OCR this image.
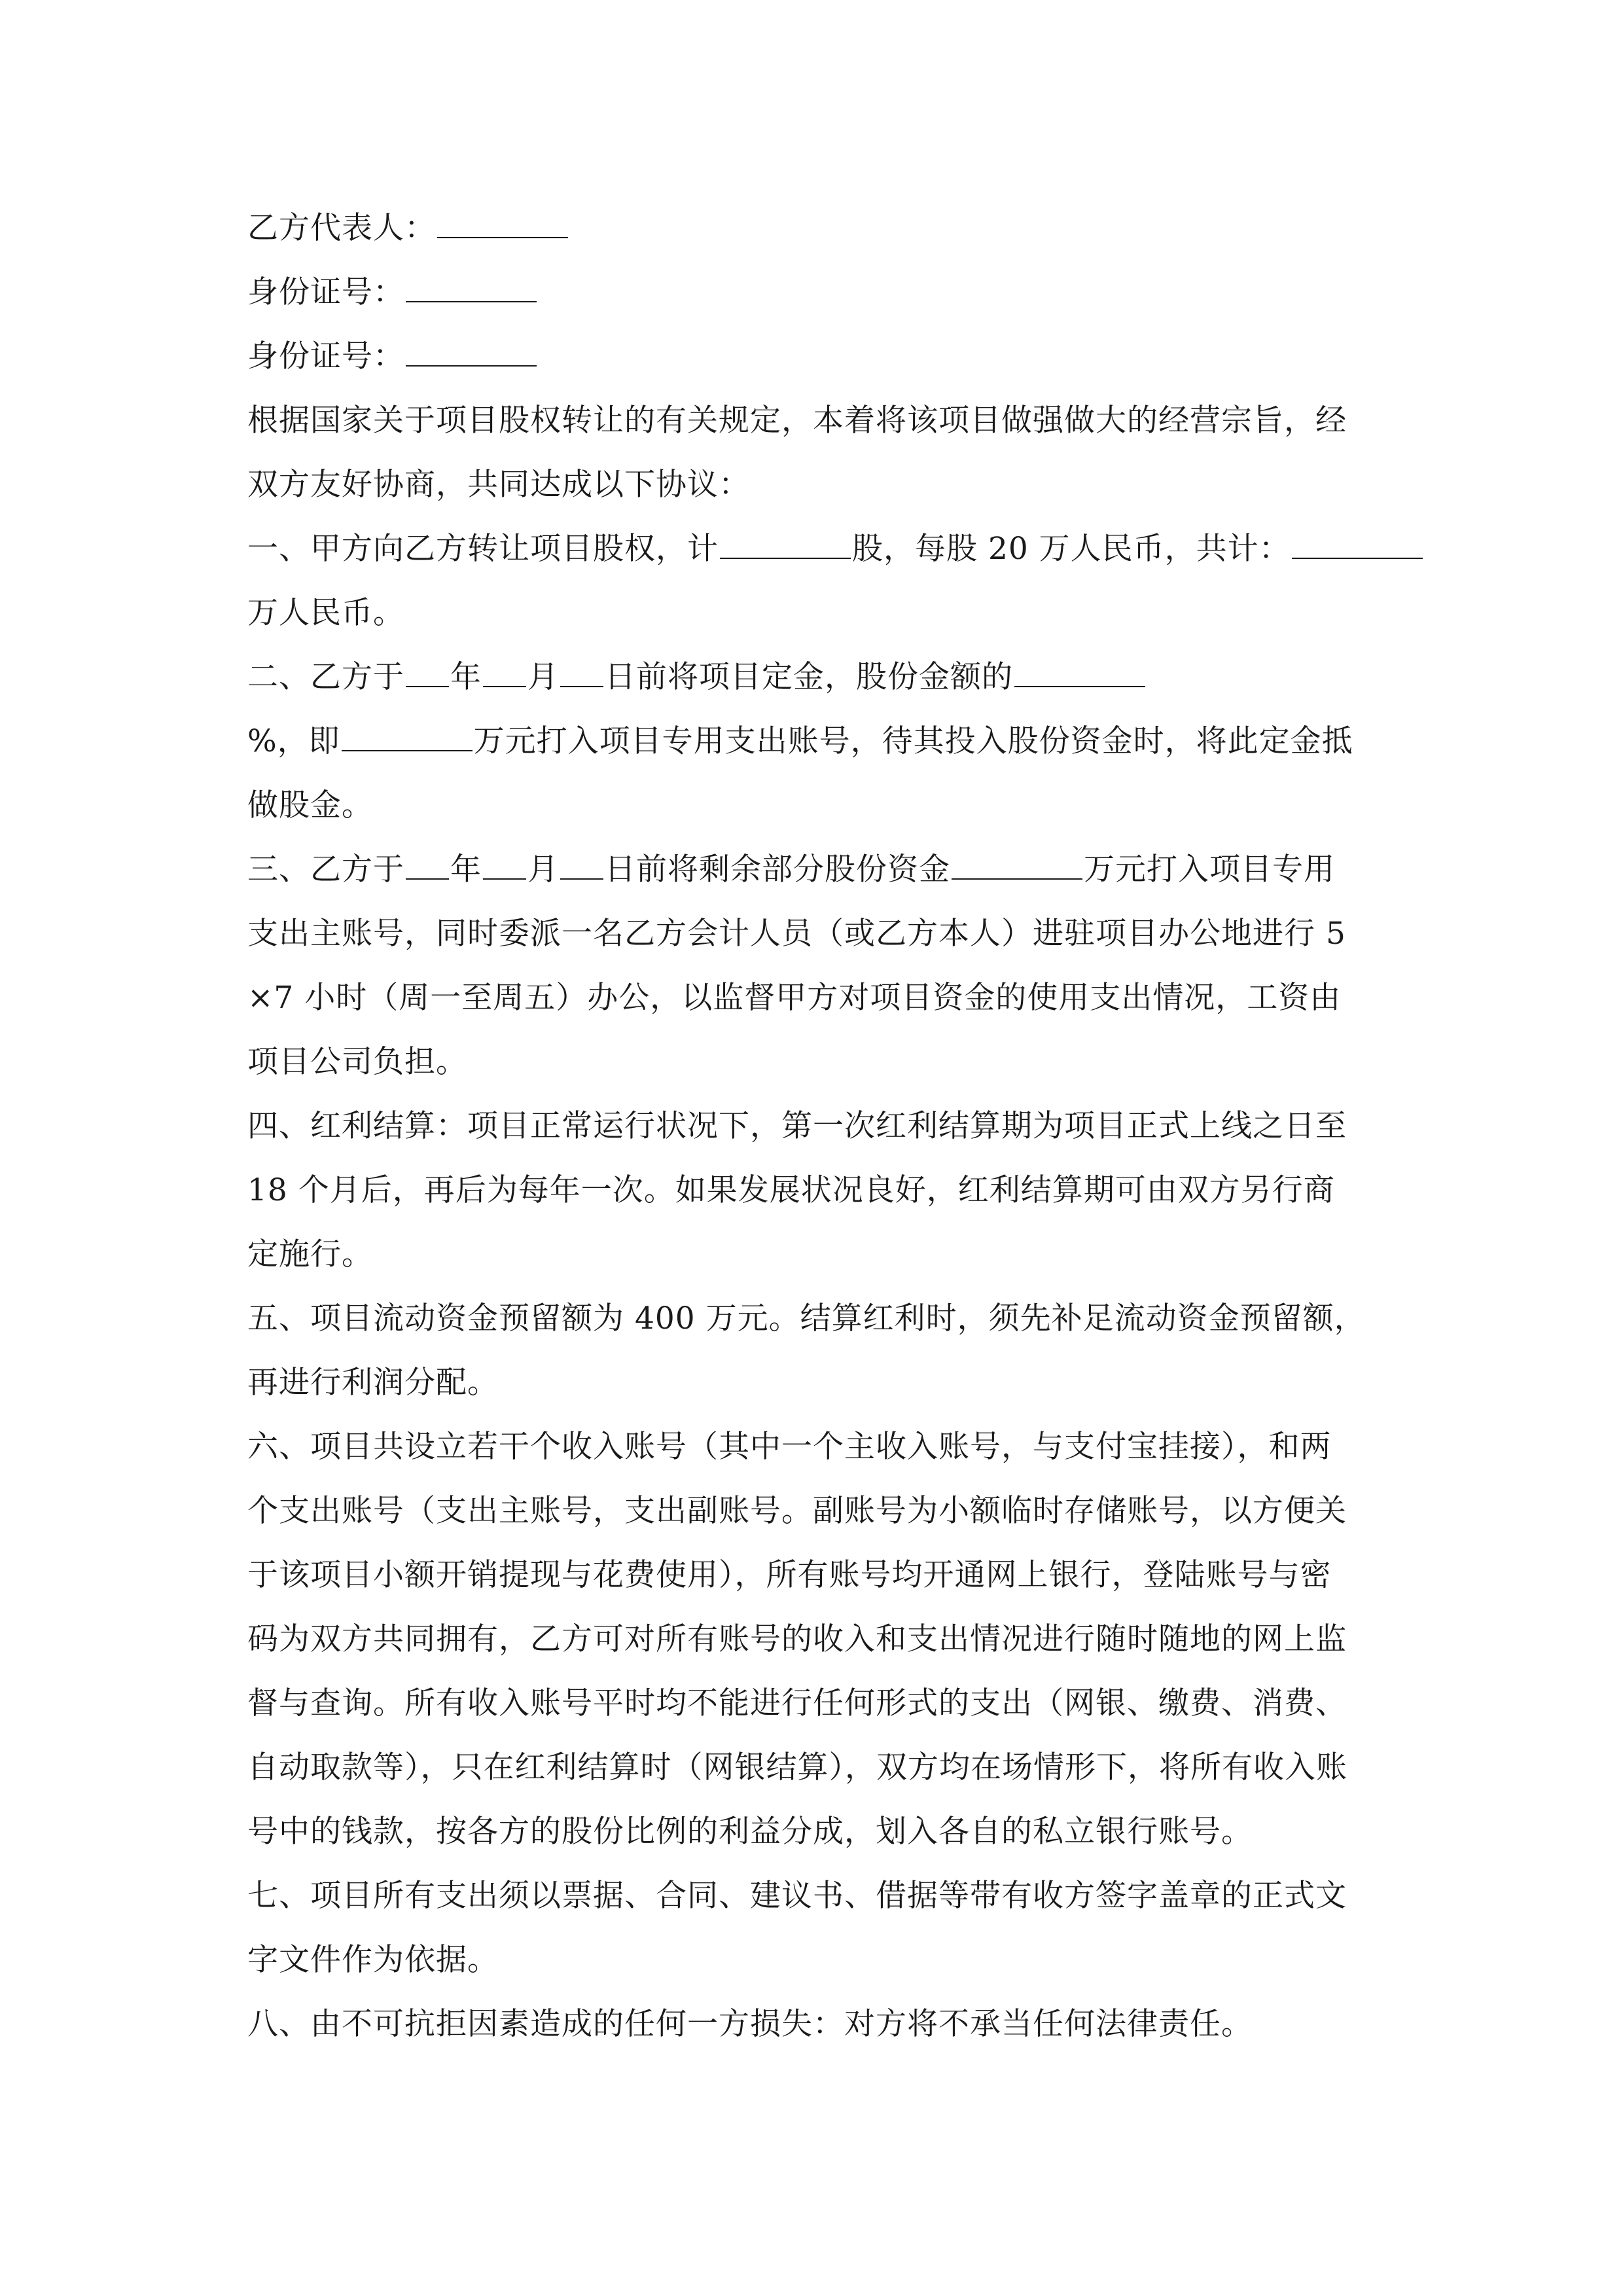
乙方代表人：
身份证号：
身份证号：
根据国家关于项目股权转让的有关规定，本着将该项目做强做大的经营宗旨，经
双方友好协商，共同达成以下协议：
一、甲方向乙方转让项目股权，计	股，每股 20 万人民币，共计：
万人民币。
二、乙方于 年 月 日前将项目定金，股份金额的
%，即	万元打入项目专用支出账号，待其投入股份资金时，将此定金抵
做股金。
三、乙方于 年 月 日前将剩余部分股份资金	万元打入项目专用
支出主账号，同时委派一名乙方会计人员（或乙方本人）进驻项目办公地进行 5
×7 小时（周一至周五）办公，以监督甲方对项目资金的使用支出情况，工资由
项目公司负担。
四、红利结算：项目正常运行状况下，第一次红利结算期为项目正式上线之日至
18 个月后，再后为每年一次。如果发展状况良好，红利结算期可由双方另行商
定施行。
五、项目流动资金预留额为 400 万元。结算红利时，须先补足流动资金预留额，
再进行利润分配。
六、项目共设立若干个收入账号（其中一个主收入账号，与支付宝挂接），和两
个支出账号（支出主账号，支出副账号。副账号为小额临时存储账号，以方便关
于该项目小额开销提现与花费使用），所有账号均开通网上银行，登陆账号与密
码为双方共同拥有，乙方可对所有账号的收入和支出情况进行随时随地的网上监
督与查询。所有收入账号平时均不能进行任何形式的支出（网银、缴费、消费、
自动取款等），只在红利结算时（网银结算），双方均在场情形下，将所有收入账
号中的钱款，按各方的股份比例的利益分成，划入各自的私立银行账号。
七、项目所有支出须以票据、合同、建议书、借据等带有收方签字盖章的正式文
字文件作为依据。
八、由不可抗拒因素造成的任何一方损失：对方将不承当任何法律责任。
